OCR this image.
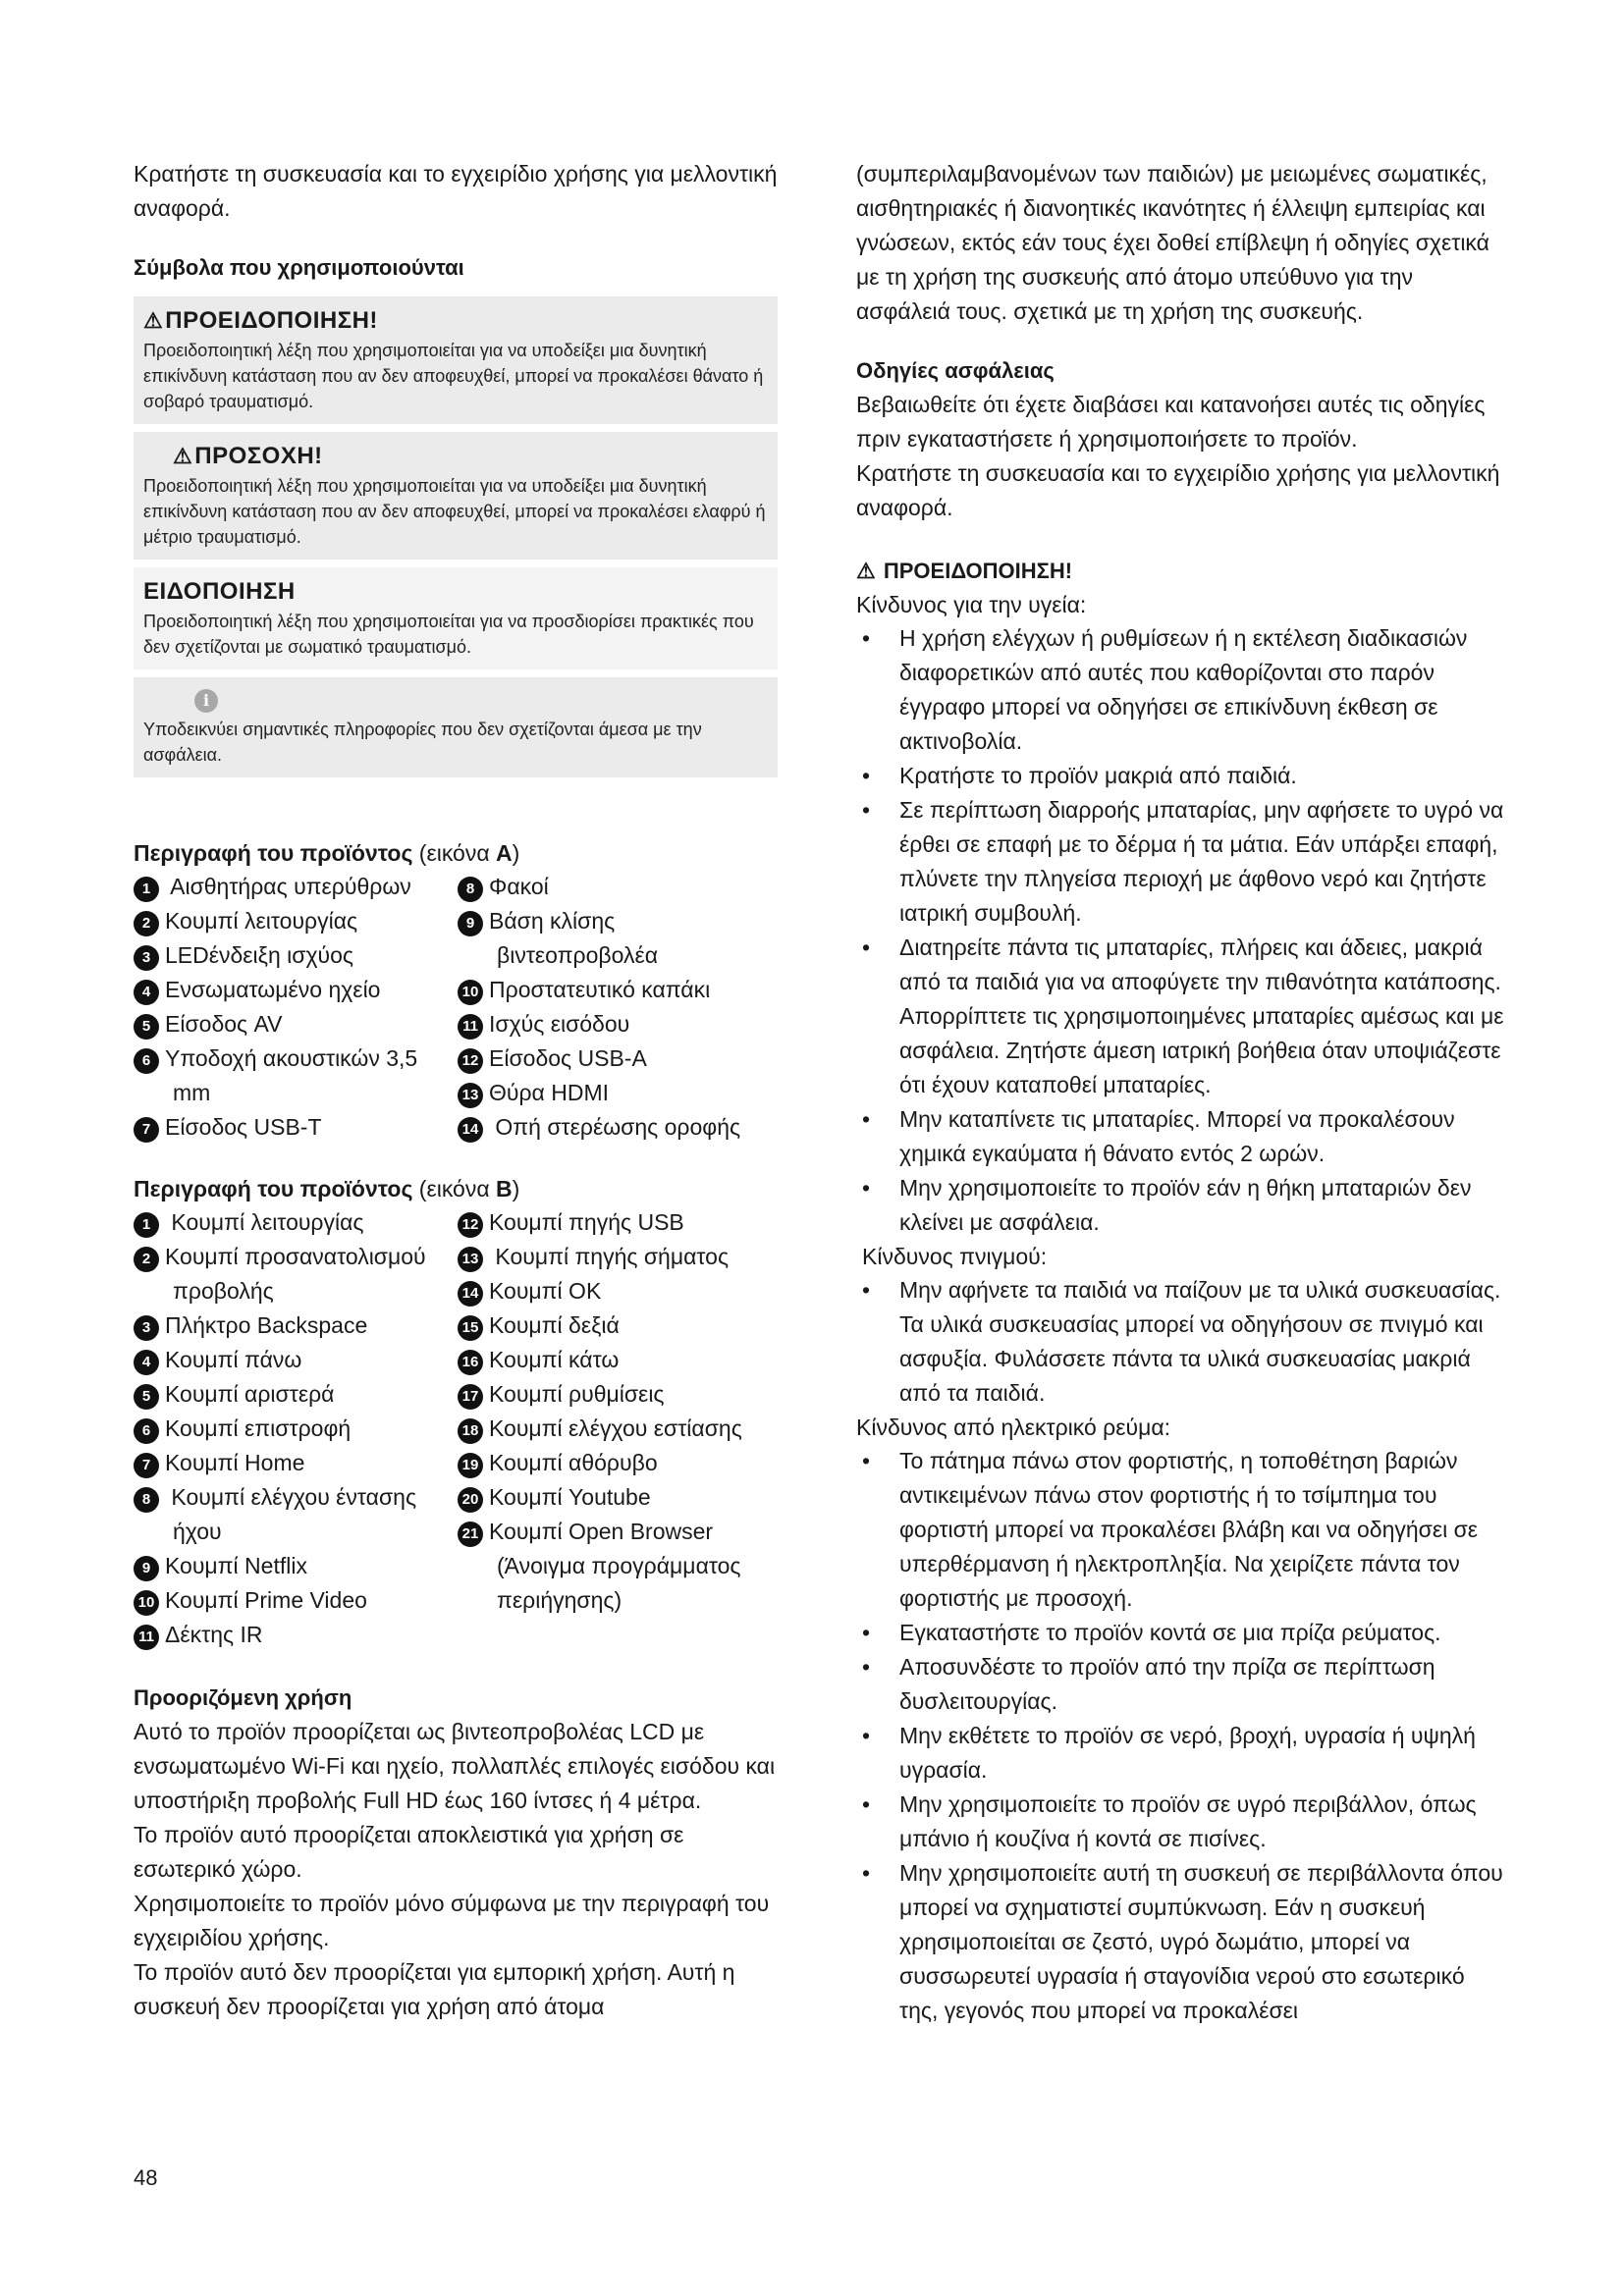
Κρατήστε τη συσκευασία και το εγχειρίδιο χρήσης για μελλοντική αναφορά.

Σύμβολα που χρησιμοποιούνται
⚠ΠΡΟΕΙΔΟΠΟΙΗΣΗ!
Προειδοποιητική λέξη που χρησιμοποιείται για να υποδείξει μια δυνητική επικίνδυνη κατάσταση που αν δεν αποφευχθεί, μπορεί να προκαλέσει θάνατο ή σοβαρό τραυματισμό.
⚠ΠΡΟΣΟΧΗ!
Προειδοποιητική λέξη που χρησιμοποιείται για να υποδείξει μια δυνητική επικίνδυνη κατάσταση που αν δεν αποφευχθεί, μπορεί να προκαλέσει ελαφρύ ή μέτριο τραυματισμό.
ΕΙΔΟΠΟΙΗΣΗ
Προειδοποιητική λέξη που χρησιμοποιείται για να προσδιορίσει πρακτικές που δεν σχετίζονται με σωματικό τραυματισμό.
i
Υποδεικνύει σημαντικές πληροφορίες που δεν σχετίζονται άμεσα με την ασφάλεια.
Περιγραφή του προϊόντος (εικόνα A)
1 Αισθητήρας υπερύθρων
2 Κουμπί λειτουργίας
3 LEDένδειξη ισχύος
4 Ενσωματωμένο ηχείο
5 Είσοδος AV
6 Υποδοχή ακουστικών 3,5 mm
7 Είσοδος USB-T
8 Φακοί
9 Βάση κλίσης βιντεοπροβολέα
10 Προστατευτικό καπάκι
11 Ισχύς εισόδου
12 Είσοδος USB-A
13 Θύρα HDMI
14 Οπή στερέωσης οροφής
Περιγραφή του προϊόντος (εικόνα B)
1 Κουμπί λειτουργίας
2 Κουμπί προσανατολισμού προβολής
3 Πλήκτρο Backspace
4 Κουμπί πάνω
5 Κουμπί αριστερά
6 Κουμπί επιστροφή
7 Κουμπί Home
8 Κουμπί ελέγχου έντασης ήχου
9 Κουμπί Netflix
10 Κουμπί Prime Video
11 Δέκτης IR
12 Κουμπί πηγής USB
13 Κουμπί πηγής σήματος
14 Κουμπί OK
15 Κουμπί δεξιά
16 Κουμπί κάτω
17 Κουμπί ρυθμίσεις
18 Κουμπί ελέγχου εστίασης
19 Κουμπί αθόρυβο
20 Κουμπί Youtube
21 Κουμπί Open Browser (Άνοιγμα προγράμματος περιήγησης)
Προοριζόμενη χρήση

Αυτό το προϊόν προορίζεται ως βιντεοπροβολέας LCD με ενσωματωμένο Wi-Fi και ηχείο, πολλαπλές επιλογές εισόδου και υποστήριξη προβολής Full HD έως 160 ίντσες ή 4 μέτρα.

Το προϊόν αυτό προορίζεται αποκλειστικά για χρήση σε εσωτερικό χώρο.

Χρησιμοποιείτε το προϊόν μόνο σύμφωνα με την περιγραφή του εγχειριδίου χρήσης.

Το προϊόν αυτό δεν προορίζεται για εμπορική χρήση. Αυτή η συσκευή δεν προορίζεται για χρήση από άτομα

(συμπεριλαμβανομένων των παιδιών) με μειωμένες σωματικές, αισθητηριακές ή διανοητικές ικανότητες ή έλλειψη εμπειρίας και γνώσεων, εκτός εάν τους έχει δοθεί επίβλεψη ή οδηγίες σχετικά με τη χρήση της συσκευής από άτομο υπεύθυνο για την ασφάλειά τους. σχετικά με τη χρήση της συσκευής.

Οδηγίες ασφάλειας

Βεβαιωθείτε ότι έχετε διαβάσει και κατανοήσει αυτές τις οδηγίες πριν εγκαταστήσετε ή χρησιμοποιήσετε το προϊόν.

Κρατήστε τη συσκευασία και το εγχειρίδιο χρήσης για μελλοντική αναφορά.

⚠ ΠΡΟΕΙΔΟΠΟΙΗΣΗ!
Κίνδυνος για την υγεία:
• Η χρήση ελέγχων ή ρυθμίσεων ή η εκτέλεση διαδικασιών διαφορετικών από αυτές που καθορίζονται στο παρόν έγγραφο μπορεί να οδηγήσει σε επικίνδυνη έκθεση σε ακτινοβολία.
• Κρατήστε το προϊόν μακριά από παιδιά.
• Σε περίπτωση διαρροής μπαταρίας, μην αφήσετε το υγρό να έρθει σε επαφή με το δέρμα ή τα μάτια. Εάν υπάρξει επαφή, πλύνετε την πληγείσα περιοχή με άφθονο νερό και ζητήστε ιατρική συμβουλή.
• Διατηρείτε πάντα τις μπαταρίες, πλήρεις και άδειες, μακριά από τα παιδιά για να αποφύγετε την πιθανότητα κατάποσης. Απορρίπτετε τις χρησιμοποιημένες μπαταρίες αμέσως και με ασφάλεια. Ζητήστε άμεση ιατρική βοήθεια όταν υποψιάζεστε ότι έχουν καταποθεί μπαταρίες.
• Μην καταπίνετε τις μπαταρίες. Μπορεί να προκαλέσουν χημικά εγκαύματα ή θάνατο εντός 2 ωρών.
• Μην χρησιμοποιείτε το προϊόν εάν η θήκη μπαταριών δεν κλείνει με ασφάλεια.
Κίνδυνος πνιγμού:
• Μην αφήνετε τα παιδιά να παίζουν με τα υλικά συσκευασίας. Τα υλικά συσκευασίας μπορεί να οδηγήσουν σε πνιγμό και ασφυξία. Φυλάσσετε πάντα τα υλικά συσκευασίας μακριά από τα παιδιά.
Κίνδυνος από ηλεκτρικό ρεύμα:
• Το πάτημα πάνω στον φορτιστής, η τοποθέτηση βαριών αντικειμένων πάνω στον φορτιστής ή το τσίμπημα του φορτιστή μπορεί να προκαλέσει βλάβη και να οδηγήσει σε υπερθέρμανση ή ηλεκτροπληξία. Να χειρίζετε πάντα τον φορτιστής με προσοχή.
• Εγκαταστήστε το προϊόν κοντά σε μια πρίζα ρεύματος.
• Αποσυνδέστε το προϊόν από την πρίζα σε περίπτωση δυσλειτουργίας.
• Μην εκθέτετε το προϊόν σε νερό, βροχή, υγρασία ή υψηλή υγρασία.
• Μην χρησιμοποιείτε το προϊόν σε υγρό περιβάλλον, όπως μπάνιο ή κουζίνα ή κοντά σε πισίνες.
• Μην χρησιμοποιείτε αυτή τη συσκευή σε περιβάλλοντα όπου μπορεί να σχηματιστεί συμπύκνωση. Εάν η συσκευή χρησιμοποιείται σε ζεστό, υγρό δωμάτιο, μπορεί να συσσωρευτεί υγρασία ή σταγονίδια νερού στο εσωτερικό της, γεγονός που μπορεί να προκαλέσει
48
